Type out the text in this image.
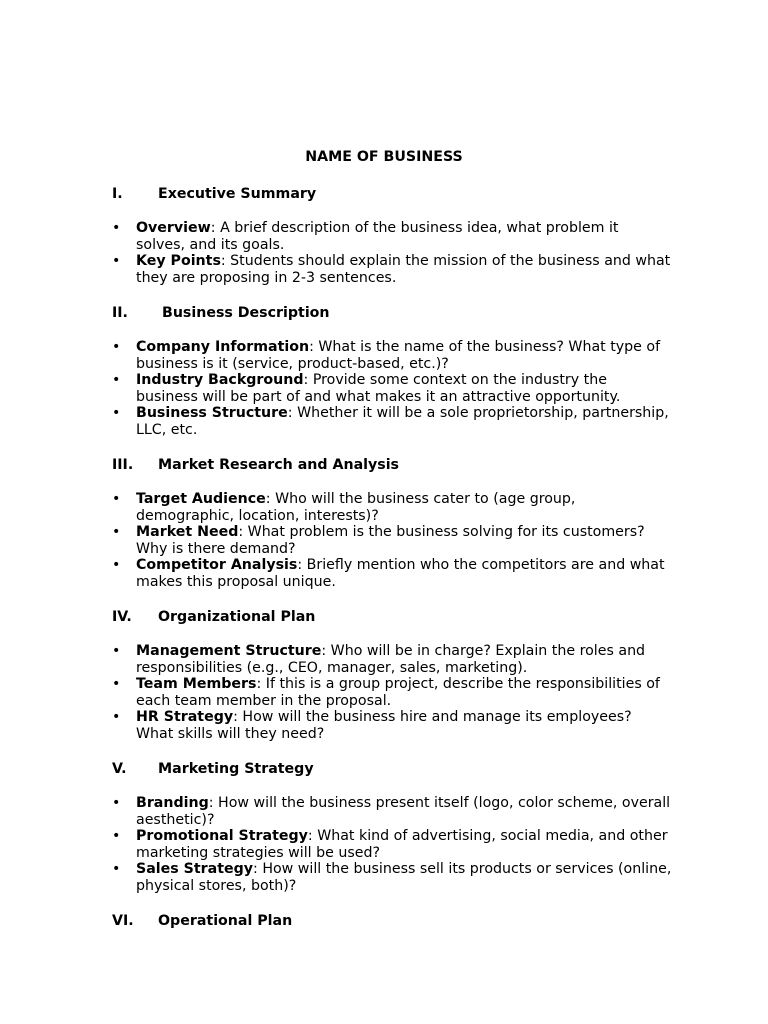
NAME OF BUSINESS
I. Executive Summary
• Overview: A brief description of the business idea, what problem it solves, and its goals.
• Key Points: Students should explain the mission of the business and what they are proposing in 2-3 sentences.
II. Business Description
• Company Information: What is the name of the business? What type of business is it (service, product-based, etc.)?
• Industry Background: Provide some context on the industry the business will be part of and what makes it an attractive opportunity.
• Business Structure: Whether it will be a sole proprietorship, partnership, LLC, etc.
III. Market Research and Analysis
• Target Audience: Who will the business cater to (age group, demographic, location, interests)?
• Market Need: What problem is the business solving for its customers? Why is there demand?
• Competitor Analysis: Briefly mention who the competitors are and what makes this proposal unique.
IV. Organizational Plan
• Management Structure: Who will be in charge? Explain the roles and responsibilities (e.g., CEO, manager, sales, marketing).
• Team Members: If this is a group project, describe the responsibilities of each team member in the proposal.
• HR Strategy: How will the business hire and manage its employees? What skills will they need?
V. Marketing Strategy
• Branding: How will the business present itself (logo, color scheme, overall aesthetic)?
• Promotional Strategy: What kind of advertising, social media, and other marketing strategies will be used?
• Sales Strategy: How will the business sell its products or services (online, physical stores, both)?
VI. Operational Plan
